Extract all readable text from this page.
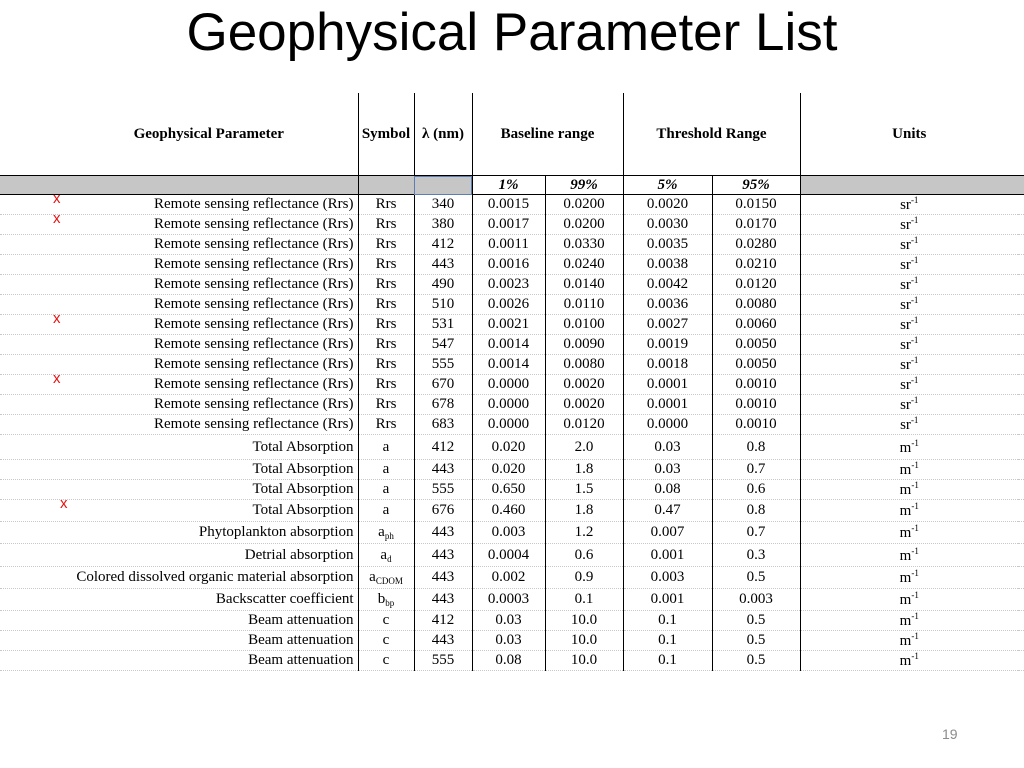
Geophysical Parameter List
Geophysical Parameter	Symbol	λ (nm)	Baseline range		Threshold Range		Units	
			1%	99%	5%	95%		

x Remote sensing reflectance (Rrs)	Rrs	340	0.0015	0.0200	0.0020	0.0150	$sr^{-1}$	

x Remote sensing reflectance (Rrs)	Rrs	380	0.0017	0.0200	0.0030	0.0170	$sr^{-1}$	
Remote sensing reflectance (Rrs)	Rrs	412	0.0011	0.0330	0.0035	0.0280	$sr^{-1}$	
Remote sensing reflectance (Rrs)	Rrs	443	0.0016	0.0240	0.0038	0.0210	$sr^{-1}$	
Remote sensing reflectance (Rrs)	Rrs	490	0.0023	0.0140	0.0042	0.0120	$sr^{-1}$	
Remote sensing reflectance (Rrs)	Rrs	510	0.0026	0.0110	0.0036	0.0080	$sr^{-1}$	

x Remote sensing reflectance (Rrs)	Rrs	531	0.0021	0.0100	0.0027	0.0060	$sr^{-1}$	
Remote sensing reflectance (Rrs)	Rrs	547	0.0014	0.0090	0.0019	0.0050	$sr^{-1}$	
Remote sensing reflectance (Rrs)	Rrs	555	0.0014	0.0080	0.0018	0.0050	$sr^{-1}$	

x Remote sensing reflectance (Rrs)	Rrs	670	0.0000	0.0020	0.0001	0.0010	$sr^{-1}$	
Remote sensing reflectance (Rrs)	Rrs	678	0.0000	0.0020	0.0001	0.0010	$sr^{-1}$	
Remote sensing reflectance (Rrs)	Rrs	683	0.0000	0.0120	0.0000	0.0010	$sr^{-1}$	
Total Absorption	a	412	0.020	2.0	0.03	0.8	$m^{-1}$	
Total Absorption	a	443	0.020	1.8	0.03	0.7	$m^{-1}$	
Total Absorption	a	555	0.650	1.5	0.08	0.6	$m^{-1}$	

x Total Absorption	a	676	0.460	1.8	0.47	0.8	$m^{-1}$	
Phytoplankton absorption	$a_{ph}$	443	0.003	1.2	0.007	0.7	$m^{-1}$	
Detrial absorption	$a_d$	443	0.0004	0.6	0.001	0.3	$m^{-1}$	
Colored dissolved organic material absorption	$a_{CDOM}$	443	0.002	0.9	0.003	0.5	$m^{-1}$	
Backscatter coefficient	$b_{bp}$	443	0.0003	0.1	0.001	0.003	$m^{-1}$	
Beam attenuation	c	412	0.03	10.0	0.1	0.5	$m^{-1}$	
Beam attenuation	c	443	0.03	10.0	0.1	0.5	$m^{-1}$	
Beam attenuation	c	555	0.08	10.0	0.1	0.5	$m^{-1}$	
19
